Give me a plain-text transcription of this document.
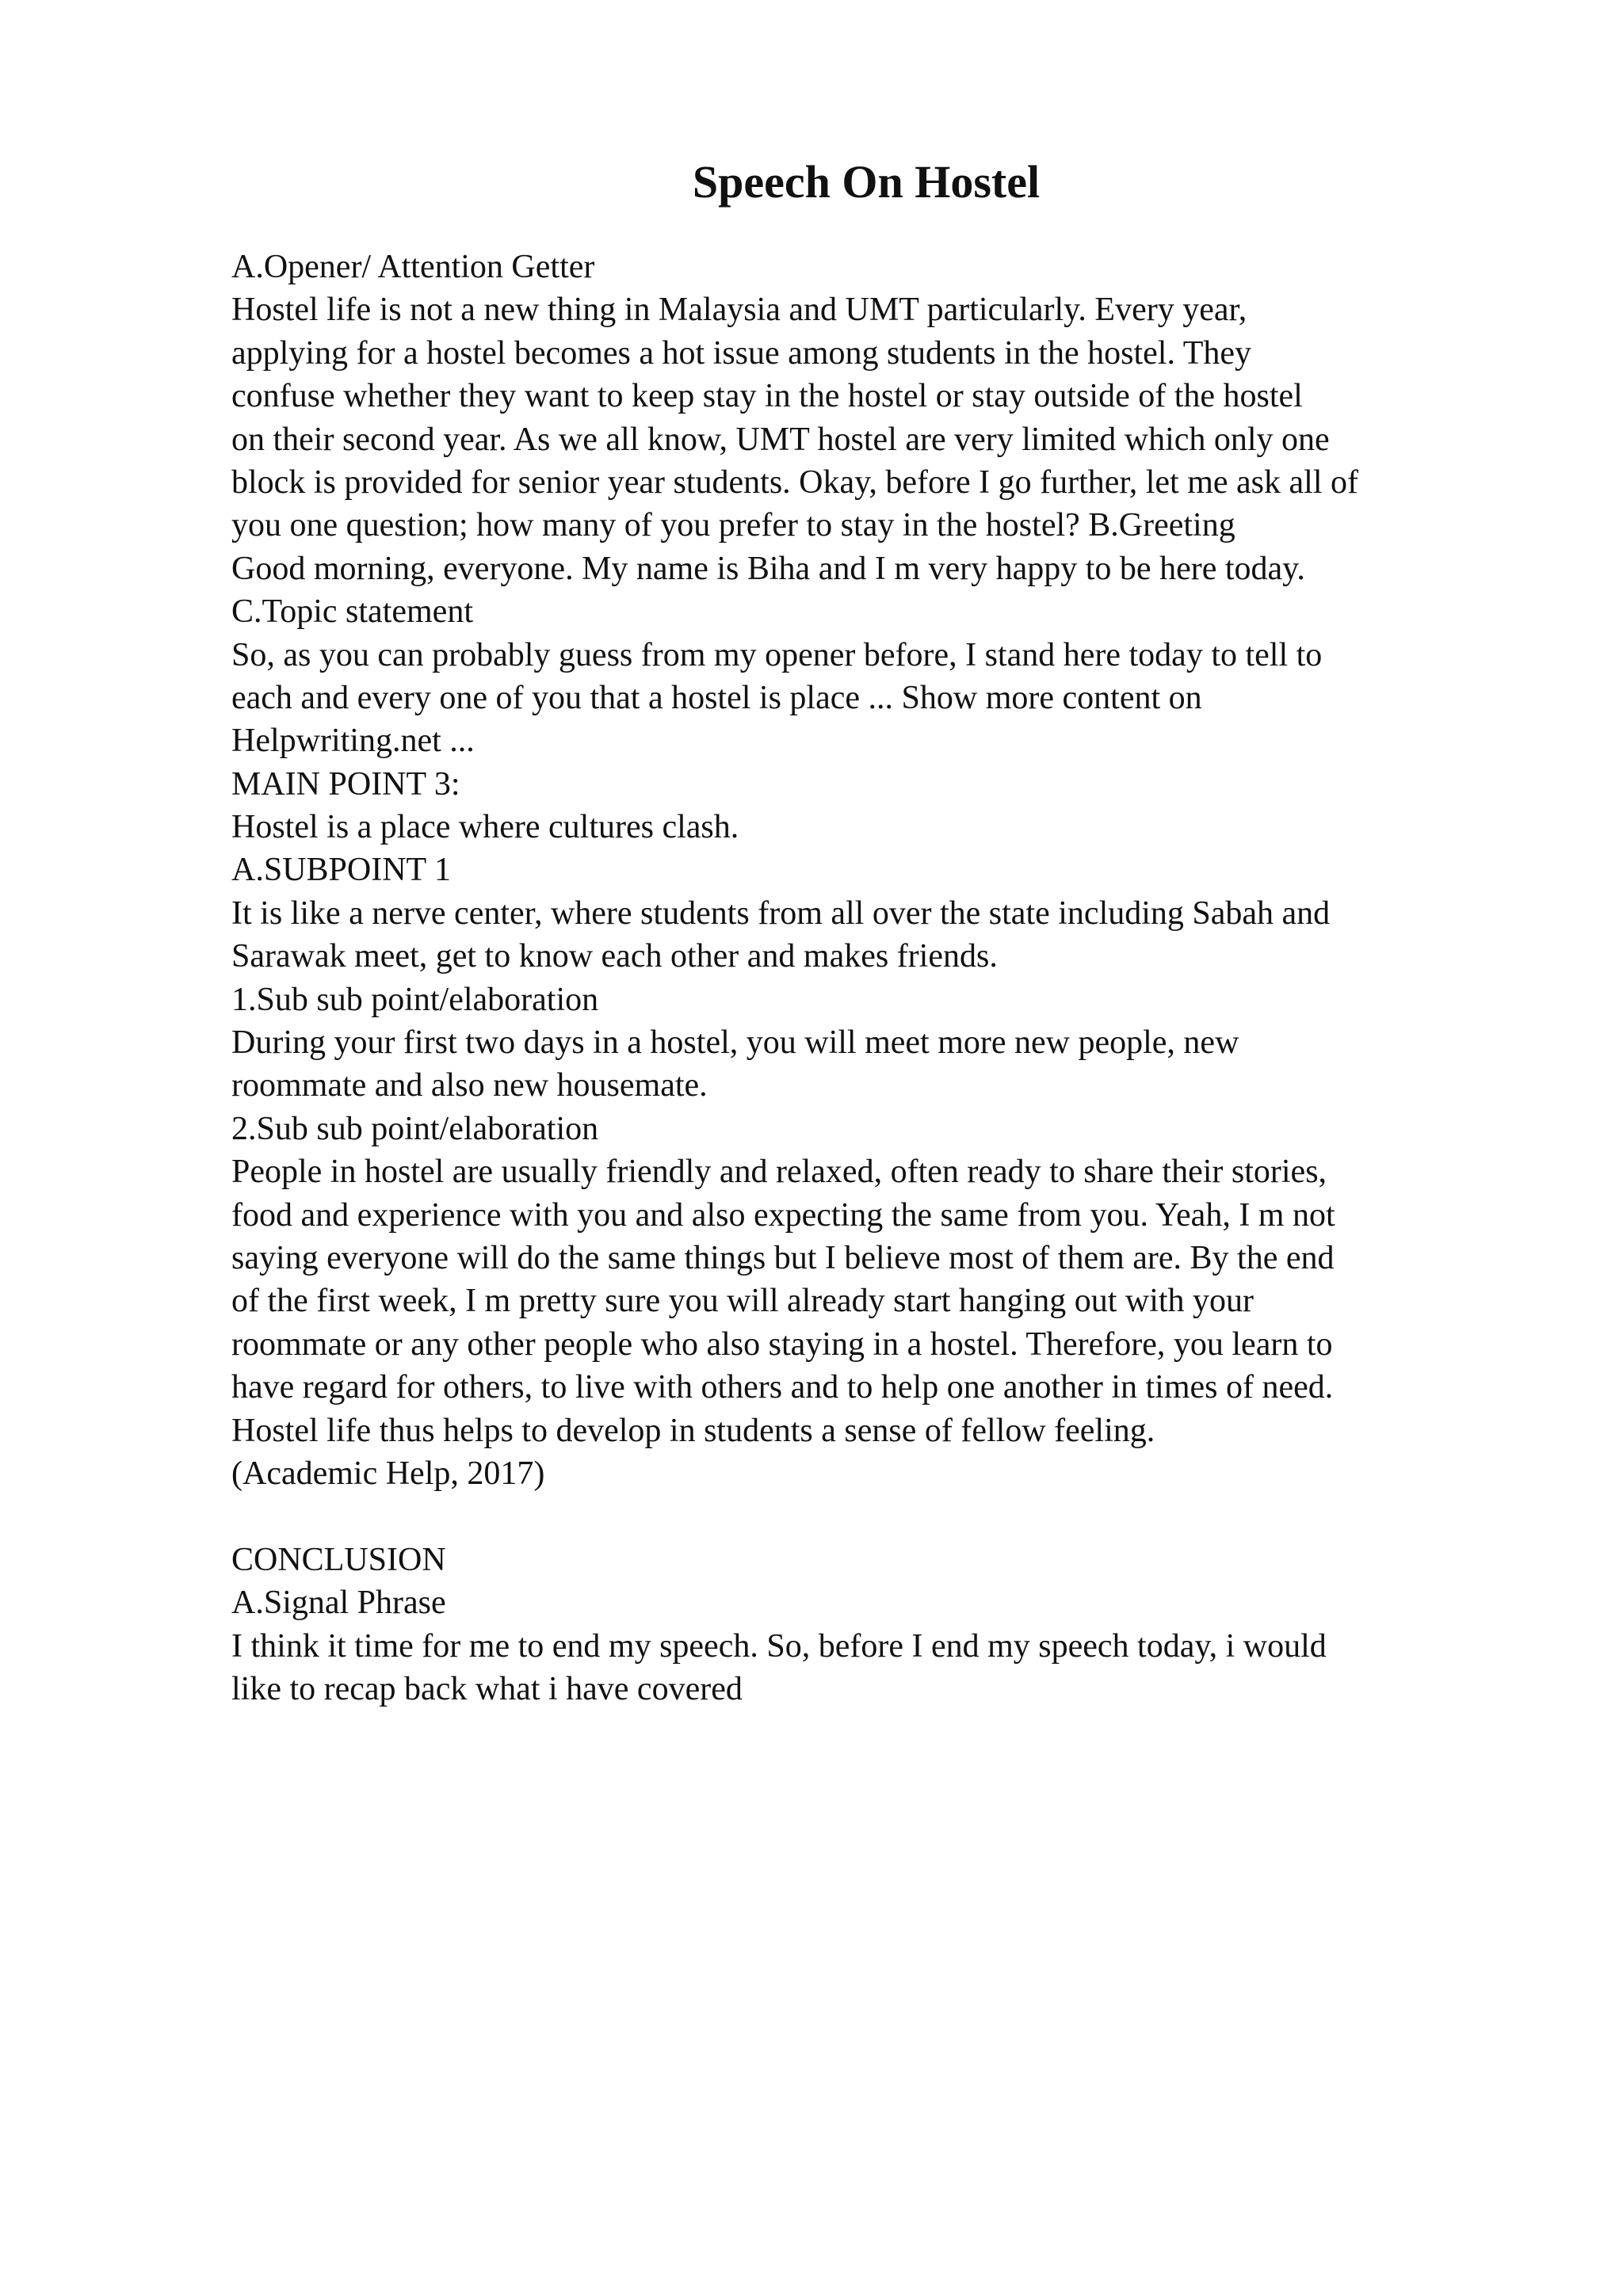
Speech On Hostel
A.Opener/ Attention Getter
Hostel life is not a new thing in Malaysia and UMT particularly. Every year,
applying for a hostel becomes a hot issue among students in the hostel. They
confuse whether they want to keep stay in the hostel or stay outside of the hostel
on their second year. As we all know, UMT hostel are very limited which only one
block is provided for senior year students. Okay, before I go further, let me ask all of
you one question; how many of you prefer to stay in the hostel? B.Greeting
Good morning, everyone. My name is Biha and I m very happy to be here today.
C.Topic statement
So, as you can probably guess from my opener before, I stand here today to tell to
each and every one of you that a hostel is place ... Show more content on
Helpwriting.net ...
MAIN POINT 3:
Hostel is a place where cultures clash.
A.SUBPOINT 1
It is like a nerve center, where students from all over the state including Sabah and
Sarawak meet, get to know each other and makes friends.
1.Sub sub point/elaboration
During your first two days in a hostel, you will meet more new people, new
roommate and also new housemate.
2.Sub sub point/elaboration
People in hostel are usually friendly and relaxed, often ready to share their stories,
food and experience with you and also expecting the same from you. Yeah, I m not
saying everyone will do the same things but I believe most of them are. By the end
of the first week, I m pretty sure you will already start hanging out with your
roommate or any other people who also staying in a hostel. Therefore, you learn to
have regard for others, to live with others and to help one another in times of need.
Hostel life thus helps to develop in students a sense of fellow feeling.
(Academic Help, 2017)
CONCLUSION
A.Signal Phrase
I think it time for me to end my speech. So, before I end my speech today, i would
like to recap back what i have covered
